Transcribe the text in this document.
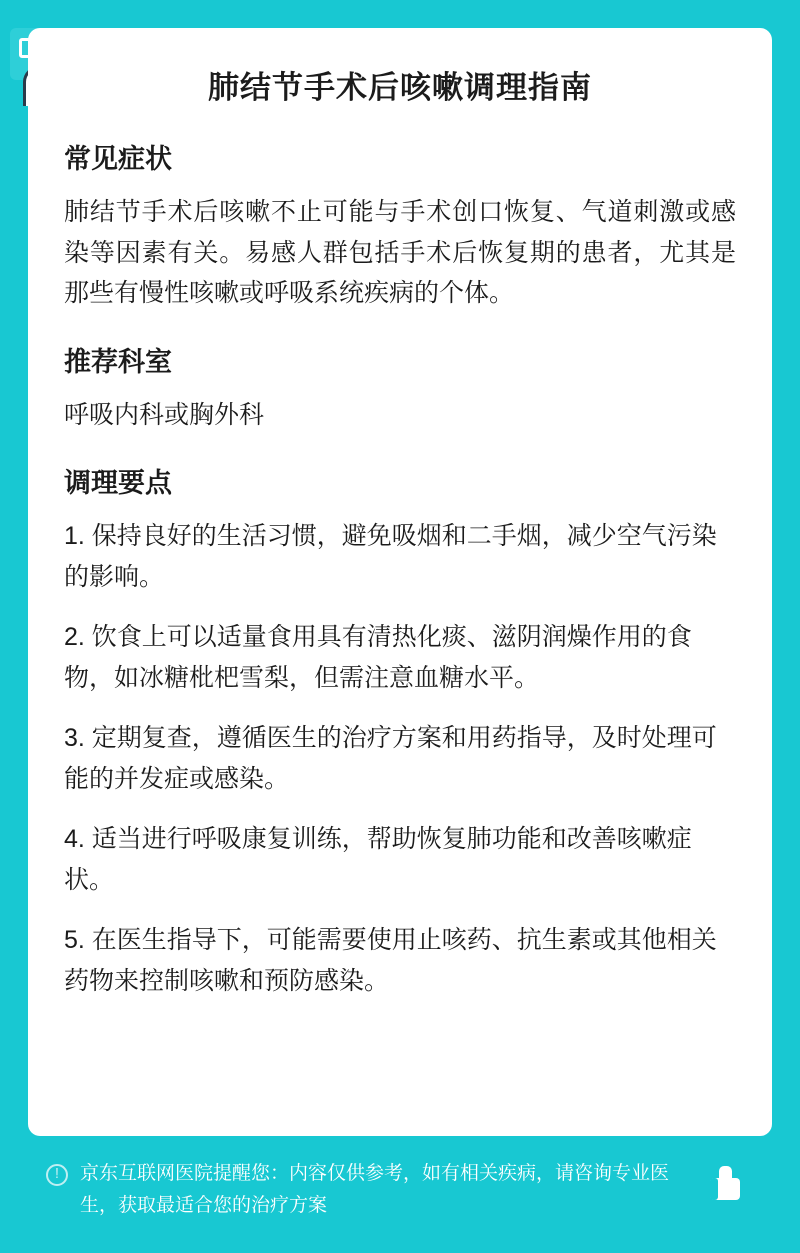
肺结节手术后咳嗽调理指南
常见症状

肺结节手术后咳嗽不止可能与手术创口恢复、气道刺激或感染等因素有关。易感人群包括手术后恢复期的患者，尤其是那些有慢性咳嗽或呼吸系统疾病的个体。

推荐科室

呼吸内科或胸外科

调理要点
1. 保持良好的生活习惯，避免吸烟和二手烟，减少空气污染的影响。
2. 饮食上可以适量食用具有清热化痰、滋阴润燥作用的食物，如冰糖枇杷雪梨，但需注意血糖水平。
3. 定期复查，遵循医生的治疗方案和用药指导，及时处理可能的并发症或感染。
4. 适当进行呼吸康复训练，帮助恢复肺功能和改善咳嗽症状。
5. 在医生指导下，可能需要使用止咳药、抗生素或其他相关药物来控制咳嗽和预防感染。
!
京东互联网医院提醒您：内容仅供参考，如有相关疾病，请咨询专业医生，获取最适合您的治疗方案
